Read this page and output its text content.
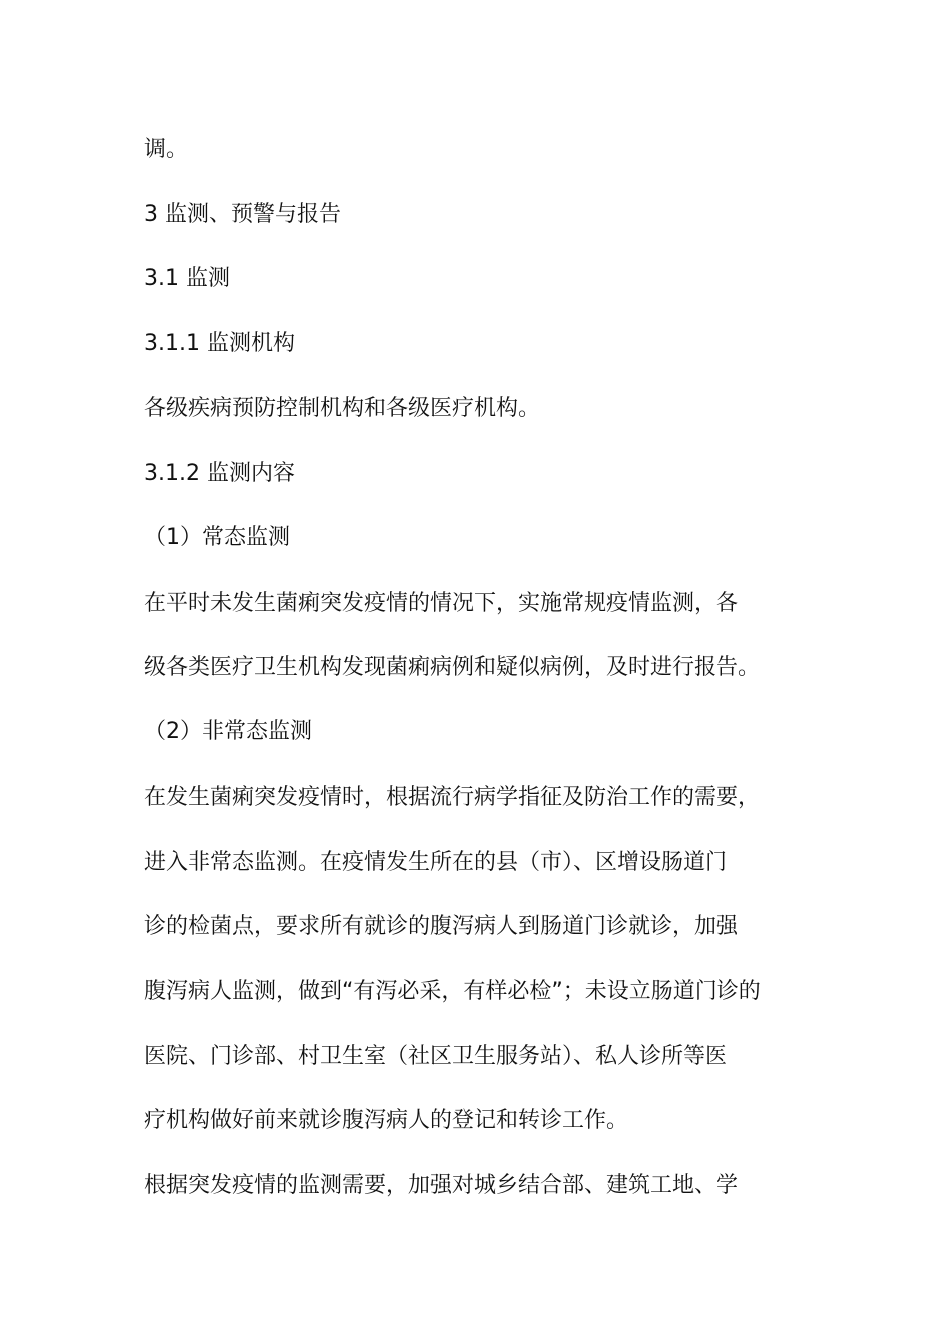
调。

3 监测、预警与报告

3.1 监测

3.1.1 监测机构

各级疾病预防控制机构和各级医疗机构。

3.1.2 监测内容

（1）常态监测

在平时未发生菌痢突发疫情的情况下，实施常规疫情监测，各

级各类医疗卫生机构发现菌痢病例和疑似病例，及时进行报告。

（2）非常态监测

在发生菌痢突发疫情时，根据流行病学指征及防治工作的需要，

进入非常态监测。在疫情发生所在的县（市）、区增设肠道门

诊的检菌点，要求所有就诊的腹泻病人到肠道门诊就诊，加强

腹泻病人监测，做到“有泻必采，有样必检”；未设立肠道门诊的

医院、门诊部、村卫生室（社区卫生服务站）、私人诊所等医

疗机构做好前来就诊腹泻病人的登记和转诊工作。

根据突发疫情的监测需要，加强对城乡结合部、建筑工地、学
